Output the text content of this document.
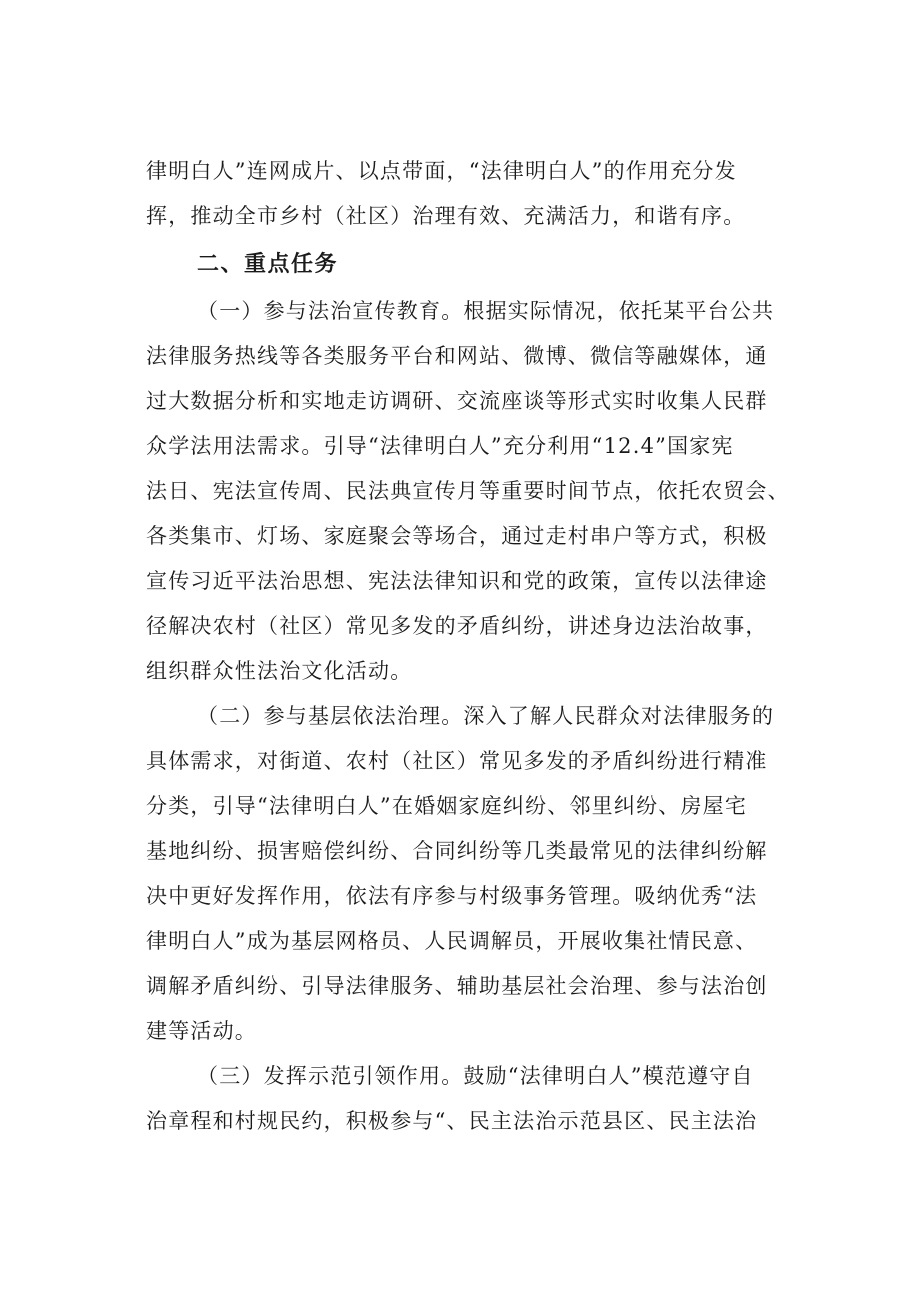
律明白人”连网成片、以点带面，“法律明白人”的作用充分发
挥，推动全市乡村（社区）治理有效、充满活力，和谐有序。
二、重点任务
（一）参与法治宣传教育。根据实际情况，依托某平台公共
法律服务热线等各类服务平台和网站、微博、微信等融媒体，通
过大数据分析和实地走访调研、交流座谈等形式实时收集人民群
众学法用法需求。引导“法律明白人”充分利用“12.4”国家宪
法日、宪法宣传周、民法典宣传月等重要时间节点，依托农贸会、
各类集市、灯场、家庭聚会等场合，通过走村串户等方式，积极
宣传习近平法治思想、宪法法律知识和党的政策，宣传以法律途
径解决农村（社区）常见多发的矛盾纠纷，讲述身边法治故事，
组织群众性法治文化活动。
（二）参与基层依法治理。深入了解人民群众对法律服务的
具体需求，对街道、农村（社区）常见多发的矛盾纠纷进行精准
分类，引导“法律明白人”在婚姻家庭纠纷、邻里纠纷、房屋宅
基地纠纷、损害赔偿纠纷、合同纠纷等几类最常见的法律纠纷解
决中更好发挥作用，依法有序参与村级事务管理。吸纳优秀“法
律明白人”成为基层网格员、人民调解员，开展收集社情民意、
调解矛盾纠纷、引导法律服务、辅助基层社会治理、参与法治创
建等活动。
（三）发挥示范引领作用。鼓励“法律明白人”模范遵守自
治章程和村规民约，积极参与“、民主法治示范县区、民主法治
